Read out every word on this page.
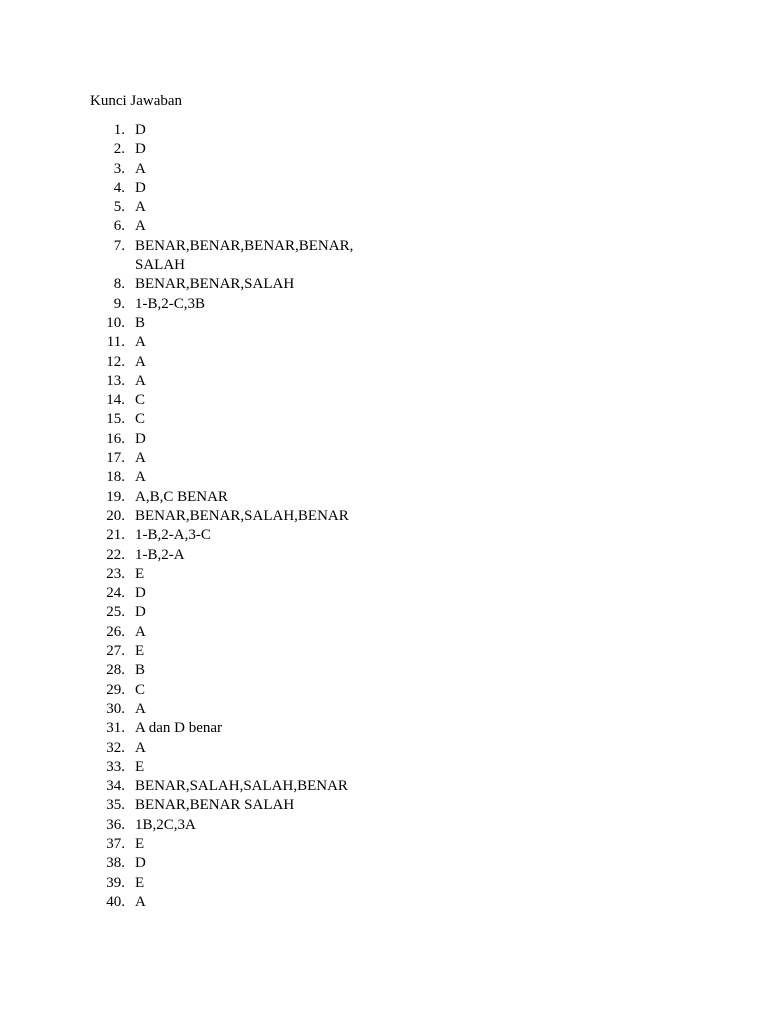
Kunci Jawaban
1. D
2. D
3. A
4. D
5. A
6. A
7. BENAR,BENAR,BENAR,BENAR, SALAH
8. BENAR,BENAR,SALAH
9. 1-B,2-C,3B
10. B
11. A
12. A
13. A
14. C
15. C
16. D
17. A
18. A
19. A,B,C BENAR
20. BENAR,BENAR,SALAH,BENAR
21. 1-B,2-A,3-C
22. 1-B,2-A
23. E
24. D
25. D
26. A
27. E
28. B
29. C
30. A
31. A dan D benar
32. A
33. E
34. BENAR,SALAH,SALAH,BENAR
35. BENAR,BENAR SALAH
36. 1B,2C,3A
37. E
38. D
39. E
40. A
